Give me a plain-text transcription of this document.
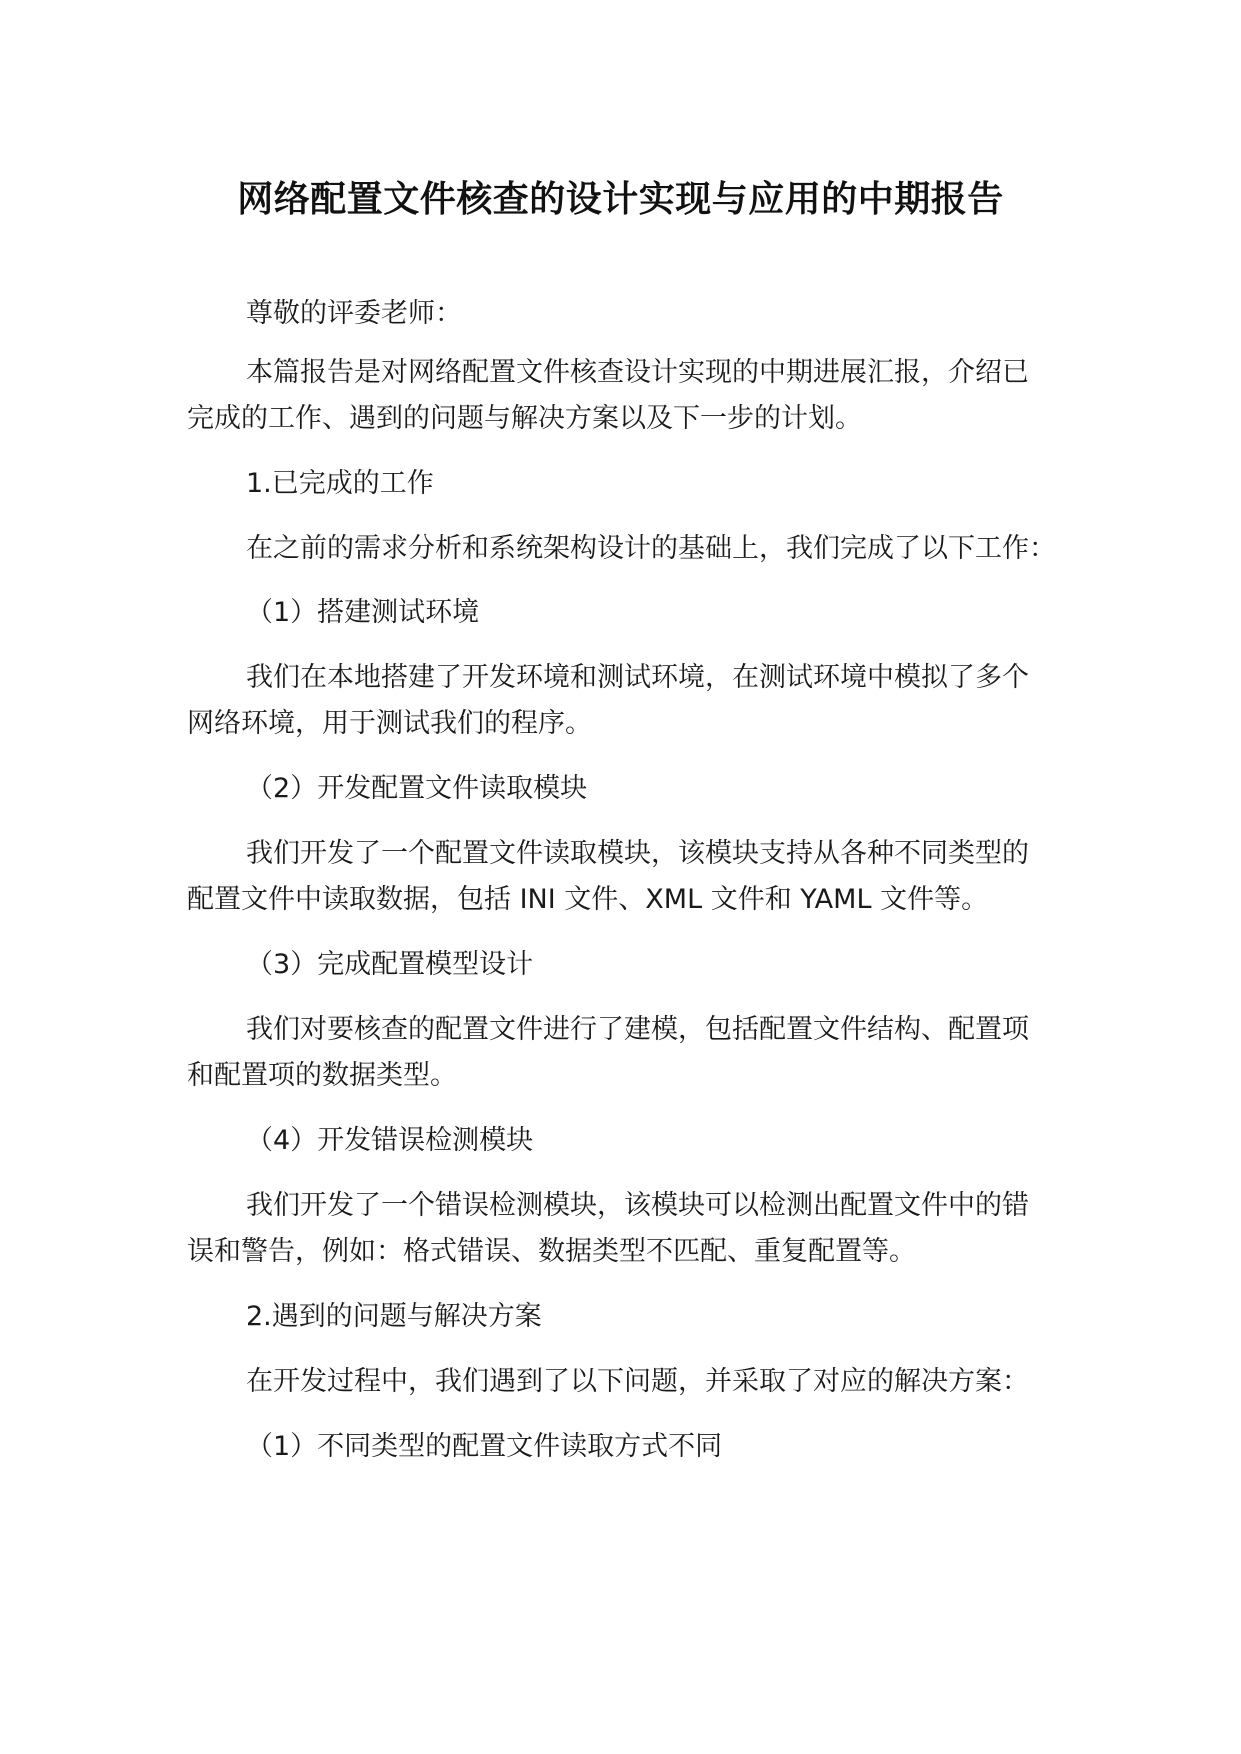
网络配置文件核查的设计实现与应用的中期报告
尊敬的评委老师：
本篇报告是对网络配置文件核查设计实现的中期进展汇报，介绍已
完成的工作、遇到的问题与解决方案以及下一步的计划。
1.已完成的工作
在之前的需求分析和系统架构设计的基础上，我们完成了以下工作：
（1）搭建测试环境
我们在本地搭建了开发环境和测试环境，在测试环境中模拟了多个
网络环境，用于测试我们的程序。
（2）开发配置文件读取模块
我们开发了一个配置文件读取模块，该模块支持从各种不同类型的
配置文件中读取数据，包括 INI 文件、XML 文件和 YAML 文件等。
（3）完成配置模型设计
我们对要核查的配置文件进行了建模，包括配置文件结构、配置项
和配置项的数据类型。
（4）开发错误检测模块
我们开发了一个错误检测模块，该模块可以检测出配置文件中的错
误和警告，例如：格式错误、数据类型不匹配、重复配置等。
2.遇到的问题与解决方案
在开发过程中，我们遇到了以下问题，并采取了对应的解决方案：
（1）不同类型的配置文件读取方式不同
